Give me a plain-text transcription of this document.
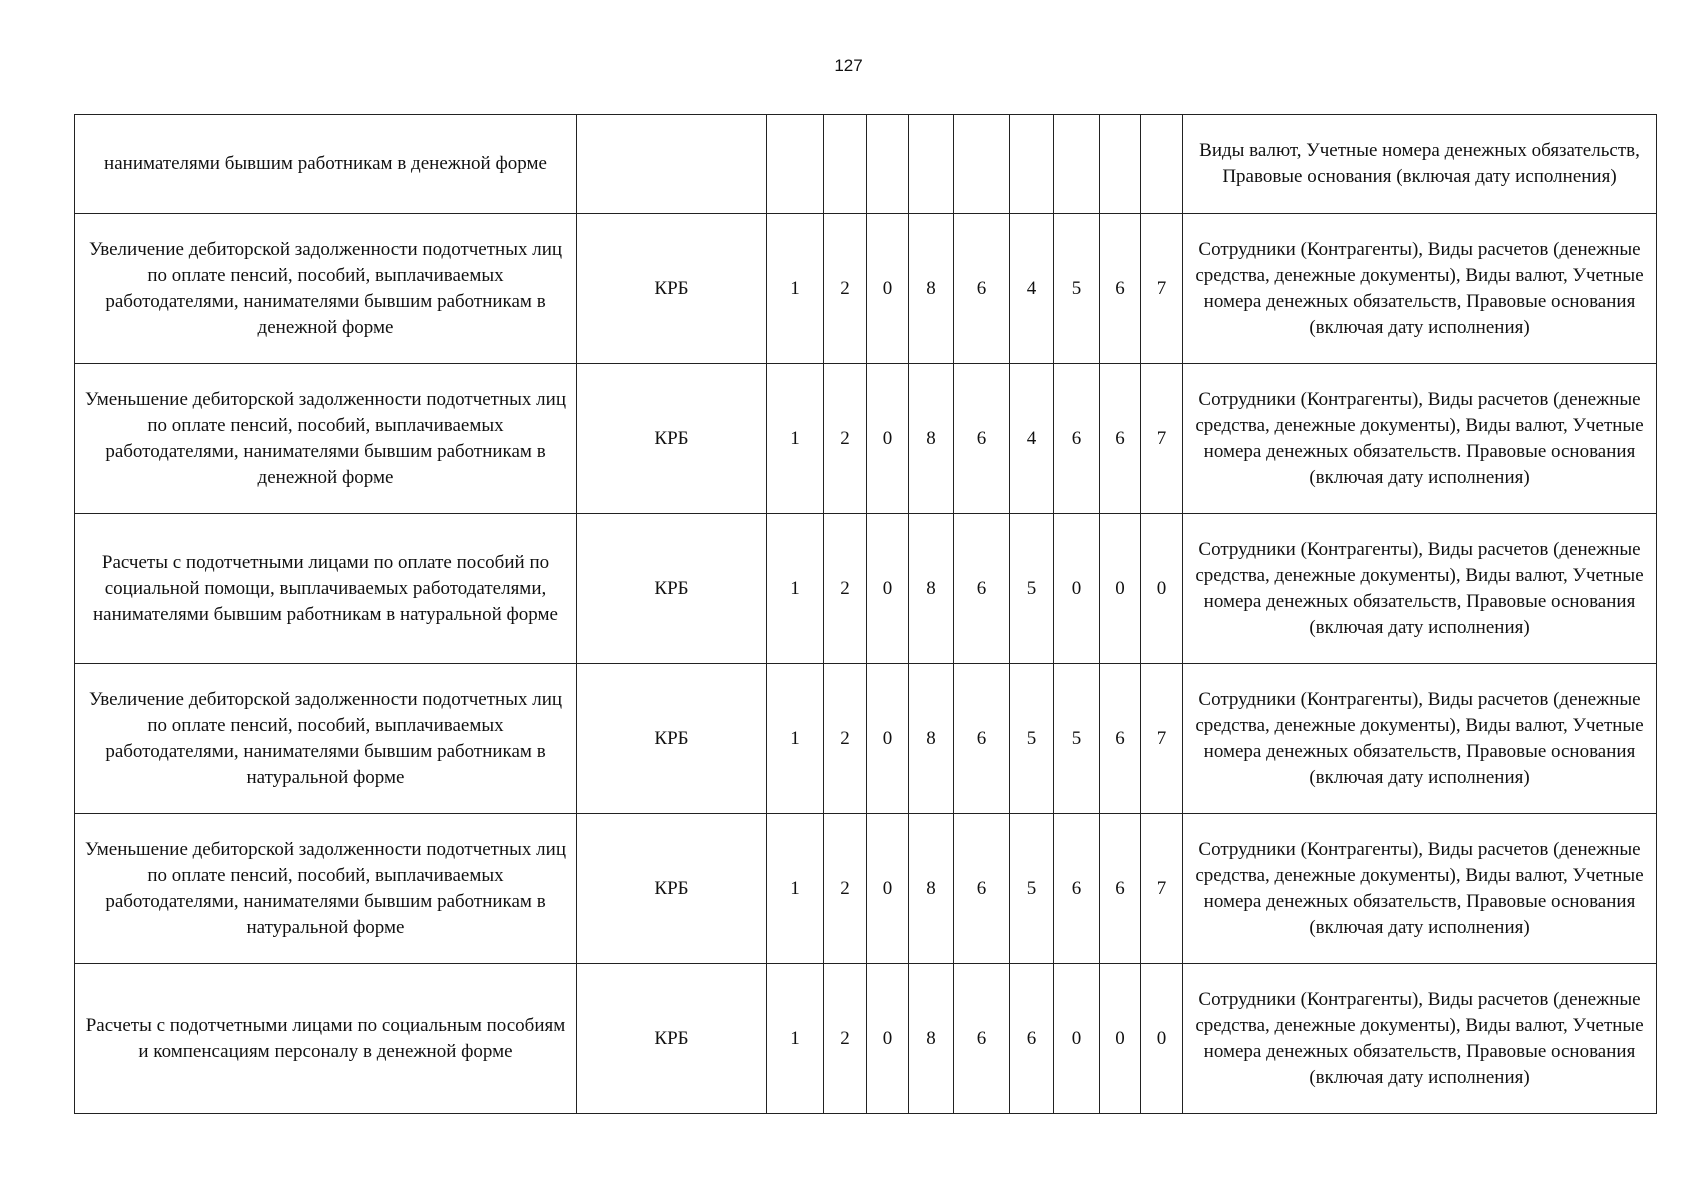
127
нанимателями бывшим работникам в денежной форме											Виды валют, Учетные номера денежных обязательств, Правовые основания (включая дату исполнения)
Увеличение дебиторской задолженности подотчетных лиц по оплате пенсий, пособий, выплачиваемых работодателями, нанимателями бывшим работникам в денежной форме	КРБ	1	2	0	8	6	4	5	6	7	Сотрудники (Контрагенты), Виды расчетов (денежные средства, денежные документы), Виды валют, Учетные номера денежных обязательств, Правовые основания (включая дату исполнения)
Уменьшение дебиторской задолженности подотчетных лиц по оплате пенсий, пособий, выплачиваемых работодателями, нанимателями бывшим работникам в денежной форме	КРБ	1	2	0	8	6	4	6	6	7	Сотрудники (Контрагенты), Виды расчетов (денежные средства, денежные документы), Виды валют, Учетные номера денежных обязательств. Правовые основания (включая дату исполнения)
Расчеты с подотчетными лицами по оплате пособий по социальной помощи, выплачиваемых работодателями, нанимателями бывшим работникам в натуральной форме	КРБ	1	2	0	8	6	5	0	0	0	Сотрудники (Контрагенты), Виды расчетов (денежные средства, денежные документы), Виды валют, Учетные номера денежных обязательств, Правовые основания (включая дату исполнения)
Увеличение дебиторской задолженности подотчетных лиц по оплате пенсий, пособий, выплачиваемых работодателями, нанимателями бывшим работникам в натуральной форме	КРБ	1	2	0	8	6	5	5	6	7	Сотрудники (Контрагенты), Виды расчетов (денежные средства, денежные документы), Виды валют, Учетные номера денежных обязательств, Правовые основания (включая дату исполнения)
Уменьшение дебиторской задолженности подотчетных лиц по оплате пенсий, пособий, выплачиваемых работодателями, нанимателями бывшим работникам в натуральной форме	КРБ	1	2	0	8	6	5	6	6	7	Сотрудники (Контрагенты), Виды расчетов (денежные средства, денежные документы), Виды валют, Учетные номера денежных обязательств, Правовые основания (включая дату исполнения)
Расчеты с подотчетными лицами по социальным пособиям и компенсациям персоналу в денежной форме	КРБ	1	2	0	8	6	6	0	0	0	Сотрудники (Контрагенты), Виды расчетов (денежные средства, денежные документы), Виды валют, Учетные номера денежных обязательств, Правовые основания (включая дату исполнения)
